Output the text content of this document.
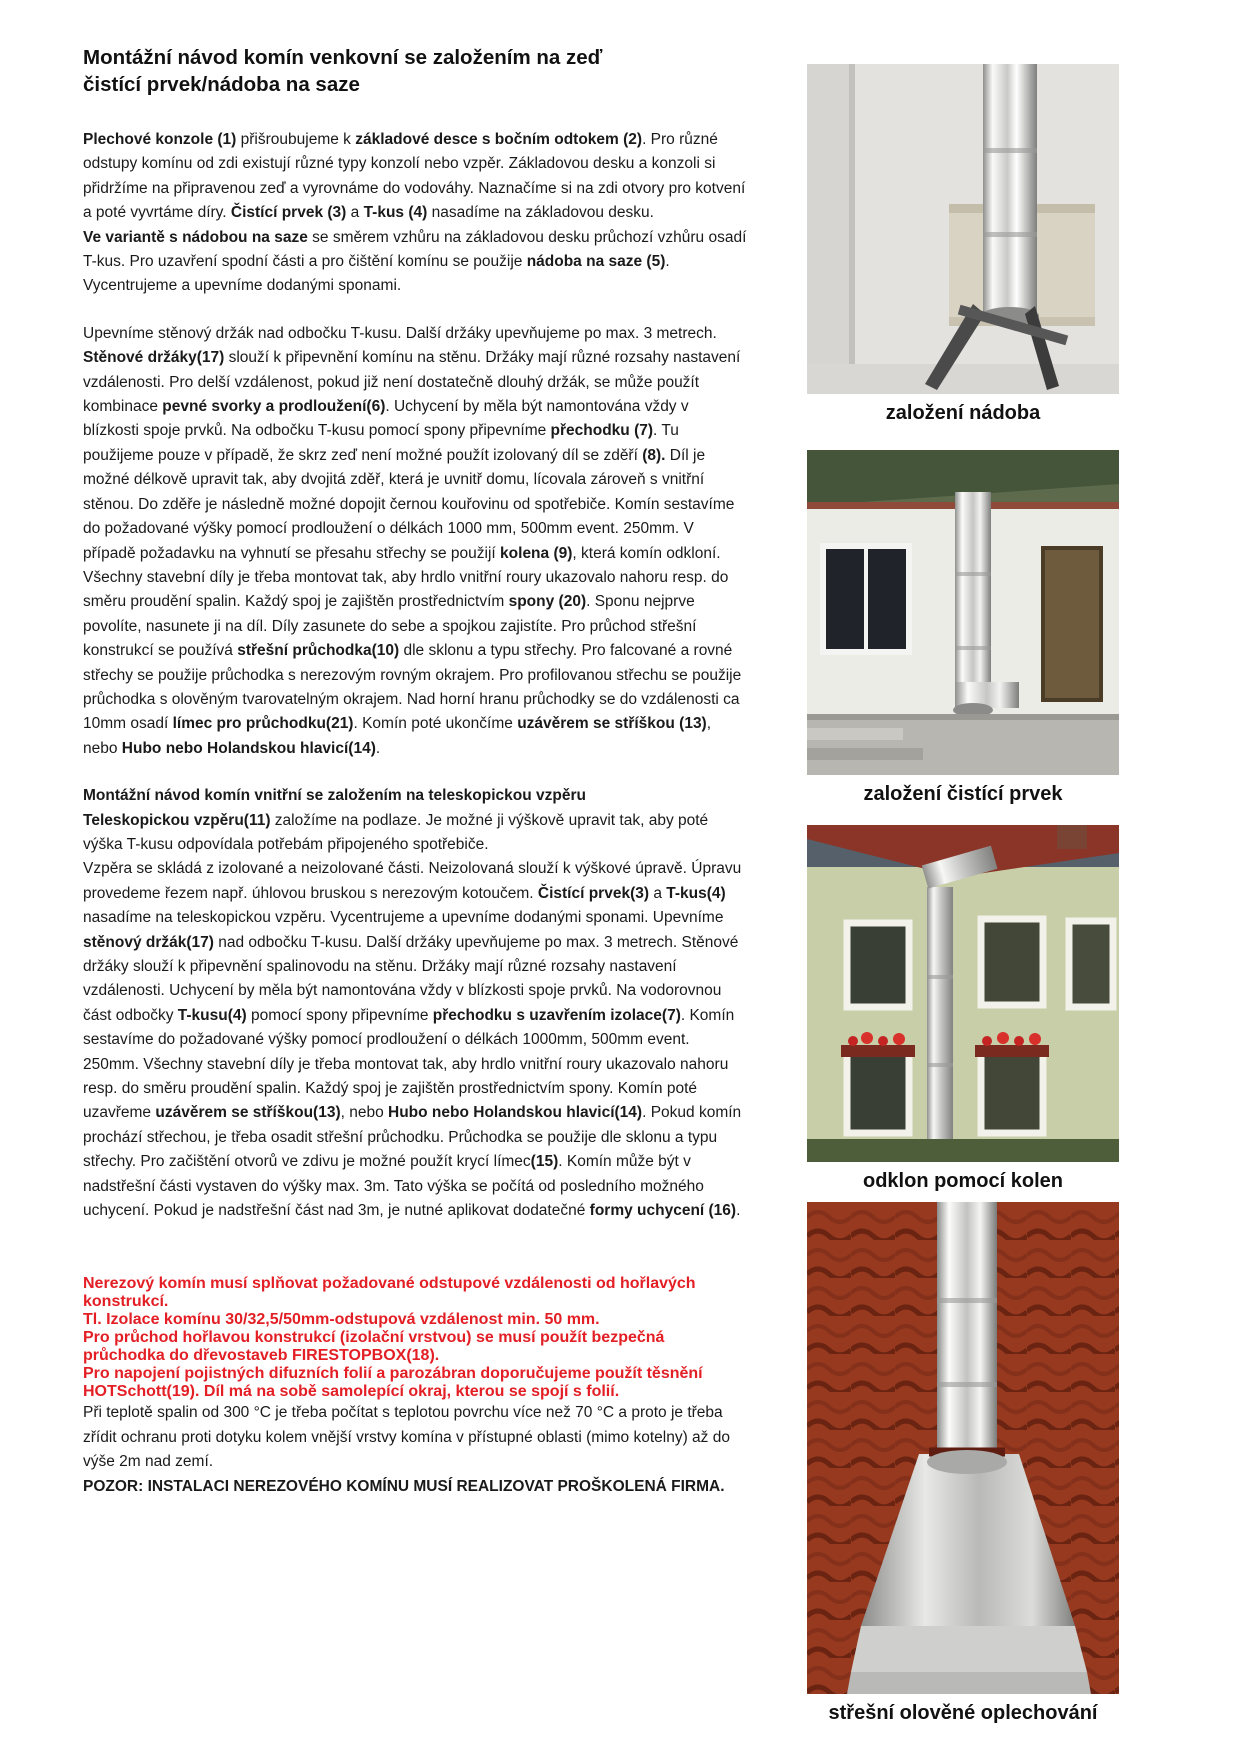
Montážní návod komín venkovní se založením na zeď
čistící prvek/nádoba na saze

Plechové konzole (1) přišroubujeme k základové desce s bočním odtokem (2). Pro různé odstupy komínu od zdi existují různé typy konzolí nebo vzpěr. Základovou desku a konzoli si přidržíme na připravenou zeď a vyrovnáme do vodováhy. Naznačíme si na zdi otvory pro kotvení a poté vyvrtáme díry. Čistící prvek (3) a T-kus (4) nasadíme na základovou desku.

Ve variantě s nádobou na saze se směrem vzhůru na základovou desku průchozí vzhůru osadí T-kus. Pro uzavření spodní části a pro čištění komínu se použije nádoba na saze (5). Vycentrujeme a upevníme dodanými sponami.

Upevníme stěnový držák nad odbočku T-kusu. Další držáky upevňujeme po max. 3 metrech. Stěnové držáky(17) slouží k připevnění komínu na stěnu. Držáky mají různé rozsahy nastavení vzdálenosti. Pro delší vzdálenost, pokud již není dostatečně dlouhý držák, se může použít kombinace pevné svorky a prodloužení(6). Uchycení by měla být namontována vždy v blízkosti spoje prvků. Na odbočku T-kusu pomocí spony připevníme přechodku (7). Tu použijeme pouze v případě, že skrz zeď není možné použít izolovaný díl se zděří (8). Díl je možné délkově upravit tak, aby dvojitá zděř, která je uvnitř domu, lícovala zároveň s vnitřní stěnou. Do zděře je následně možné dopojit černou kouřovinu od spotřebiče. Komín sestavíme do požadované výšky pomocí prodloužení o délkách 1000 mm, 500mm event. 250mm. V případě požadavku na vyhnutí se přesahu střechy se použijí kolena (9), která komín odkloní. Všechny stavební díly je třeba montovat tak, aby hrdlo vnitřní roury ukazovalo nahoru resp. do směru proudění spalin. Každý spoj je zajištěn prostřednictvím spony (20). Sponu nejprve povolíte, nasunete ji na díl. Díly zasunete do sebe a spojkou zajistíte. Pro průchod střešní konstrukcí se používá střešní průchodka(10) dle sklonu a typu střechy. Pro falcované a rovné střechy se použije průchodka s nerezovým rovným okrajem. Pro profilovanou střechu se použije průchodka s olověným tvarovatelným okrajem. Nad horní hranu průchodky se do vzdálenosti ca 10mm osadí límec pro průchodku(21). Komín poté ukončíme uzávěrem se stříškou (13), nebo Hubo nebo Holandskou hlavicí(14).

Montážní návod komín vnitřní se založením na teleskopickou vzpěru

Teleskopickou vzpěru(11) založíme na podlaze. Je možné ji výškově upravit tak, aby poté výška T-kusu odpovídala potřebám připojeného spotřebiče.

Vzpěra se skládá z izolované a neizolované části. Neizolovaná slouží k výškové úpravě. Úpravu provedeme řezem např. úhlovou bruskou s nerezovým kotoučem. Čistící prvek(3) a T-kus(4) nasadíme na teleskopickou vzpěru. Vycentrujeme a upevníme dodanými sponami. Upevníme stěnový držák(17) nad odbočku T-kusu. Další držáky upevňujeme po max. 3 metrech. Stěnové držáky slouží k připevnění spalinovodu na stěnu. Držáky mají různé rozsahy nastavení vzdálenosti. Uchycení by měla být namontována vždy v blízkosti spoje prvků. Na vodorovnou část odbočky T-kusu(4) pomocí spony připevníme přechodku s uzavřením izolace(7). Komín sestavíme do požadované výšky pomocí prodloužení o délkách 1000mm, 500mm event. 250mm. Všechny stavební díly je třeba montovat tak, aby hrdlo vnitřní roury ukazovalo nahoru resp. do směru proudění spalin. Každý spoj je zajištěn prostřednictvím spony. Komín poté uzavřeme uzávěrem se stříškou(13), nebo Hubo nebo Holandskou hlavicí(14). Pokud komín prochází střechou, je třeba osadit střešní průchodku. Průchodka se použije dle sklonu a typu střechy. Pro začištění otvorů ve zdivu je možné použít krycí límec(15). Komín může být v nadstřešní části vystaven do výšky max. 3m. Tato výška se počítá od posledního možného uchycení. Pokud je nadstřešní část nad 3m, je nutné aplikovat dodatečné formy uchycení (16).

Nerezový komín musí splňovat požadované odstupové vzdálenosti od hořlavých konstrukcí.

Tl. Izolace komínu 30/32,5/50mm-odstupová vzdálenost min. 50 mm.

Pro průchod hořlavou konstrukcí (izolační vrstvou) se musí použít bezpečná průchodka do dřevostaveb FIRESTOPBOX(18).

Pro napojení pojistných difuzních folií a parozábran doporučujeme použít těsnění HOTSchott(19). Díl má na sobě samolepící okraj, kterou se spojí s folií.

Při teplotě spalin od 300 °C je třeba počítat s teplotou povrchu více než 70 °C a proto je třeba zřídit ochranu proti dotyku kolem vnější vrstvy komína v přístupné oblasti (mimo kotelny) až do výše 2m nad zemí.

POZOR: INSTALACI NEREZOVÉHO KOMÍNU MUSÍ REALIZOVAT PROŠKOLENÁ FIRMA.

založení nádoba
založení čistící prvek
odklon pomocí kolen
střešní olověné oplechování
